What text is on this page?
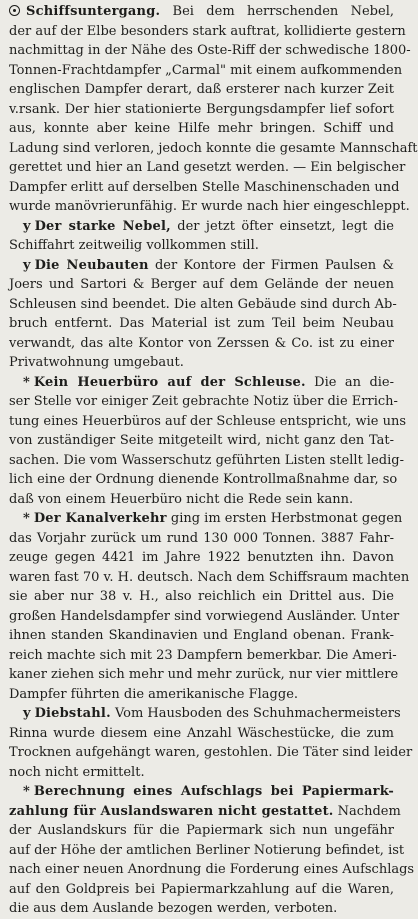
Schiffsuntergang. Bei dem herrschenden Nebel,
der auf der Elbe besonders stark auftrat, kollidierte gestern
nachmittag in der Nähe des Oste-Riff der schwedische 1800-
Tonnen-Frachtdampfer „Carmal" mit einem aufkommenden
englischen Dampfer derart, daß ersterer nach kurzer Zeit
v.rsank. Der hier stationierte Bergungsdampfer lief sofort
aus, konnte aber keine Hilfe mehr bringen. Schiff und
Ladung sind verloren, jedoch konnte die gesamte Mannschaft
gerettet und hier an Land gesetzt werden. — Ein belgischer
Dampfer erlitt auf derselben Stelle Maschinenschaden und
wurde manövrierunfähig. Er wurde nach hier eingeschleppt.

y Der starke Nebel, der jetzt öfter einsetzt, legt die
Schiffahrt zeitweilig vollkommen still.

y Die Neubauten der Kontore der Firmen Paulsen &
Joers und Sartori & Berger auf dem Gelände der neuen
Schleusen sind beendet. Die alten Gebäude sind durch Ab-
bruch entfernt. Das Material ist zum Teil beim Neubau
verwandt, das alte Kontor von Zerssen & Co. ist zu einer
Privatwohnung umgebaut.

* Kein Heuerbüro auf der Schleuse. Die an die-
ser Stelle vor einiger Zeit gebrachte Notiz über die Errich-
tung eines Heuerbüros auf der Schleuse entspricht, wie uns
von zuständiger Seite mitgeteilt wird, nicht ganz den Tat-
sachen. Die vom Wasserschutz geführten Listen stellt ledig-
lich eine der Ordnung dienende Kontrollmaßnahme dar, so
daß von einem Heuerbüro nicht die Rede sein kann.

* Der Kanalverkehr ging im ersten Herbstmonat gegen
das Vorjahr zurück um rund 130 000 Tonnen. 3887 Fahr-
zeuge gegen 4421 im Jahre 1922 benutzten ihn. Davon
waren fast 70 v. H. deutsch. Nach dem Schiffsraum machten
sie aber nur 38 v. H., also reichlich ein Drittel aus. Die
großen Handelsdampfer sind vorwiegend Ausländer. Unter
ihnen standen Skandinavien und England obenan. Frank-
reich machte sich mit 23 Dampfern bemerkbar. Die Ameri-
kaner ziehen sich mehr und mehr zurück, nur vier mittlere
Dampfer führten die amerikanische Flagge.

y Diebstahl. Vom Hausboden des Schuhmachermeisters
Rinna wurde diesem eine Anzahl Wäschestücke, die zum
Trocknen aufgehängt waren, gestohlen. Die Täter sind leider
noch nicht ermittelt.

* Berechnung eines Aufschlags bei Papiermark-
zahlung für Auslandswaren nicht gestattet. Nachdem
der Auslandskurs für die Papiermark sich nun ungefähr
auf der Höhe der amtlichen Berliner Notierung befindet, ist
nach einer neuen Anordnung die Forderung eines Aufschlags
auf den Goldpreis bei Papiermarkzahlung auf die Waren,
die aus dem Auslande bezogen werden, verboten.
